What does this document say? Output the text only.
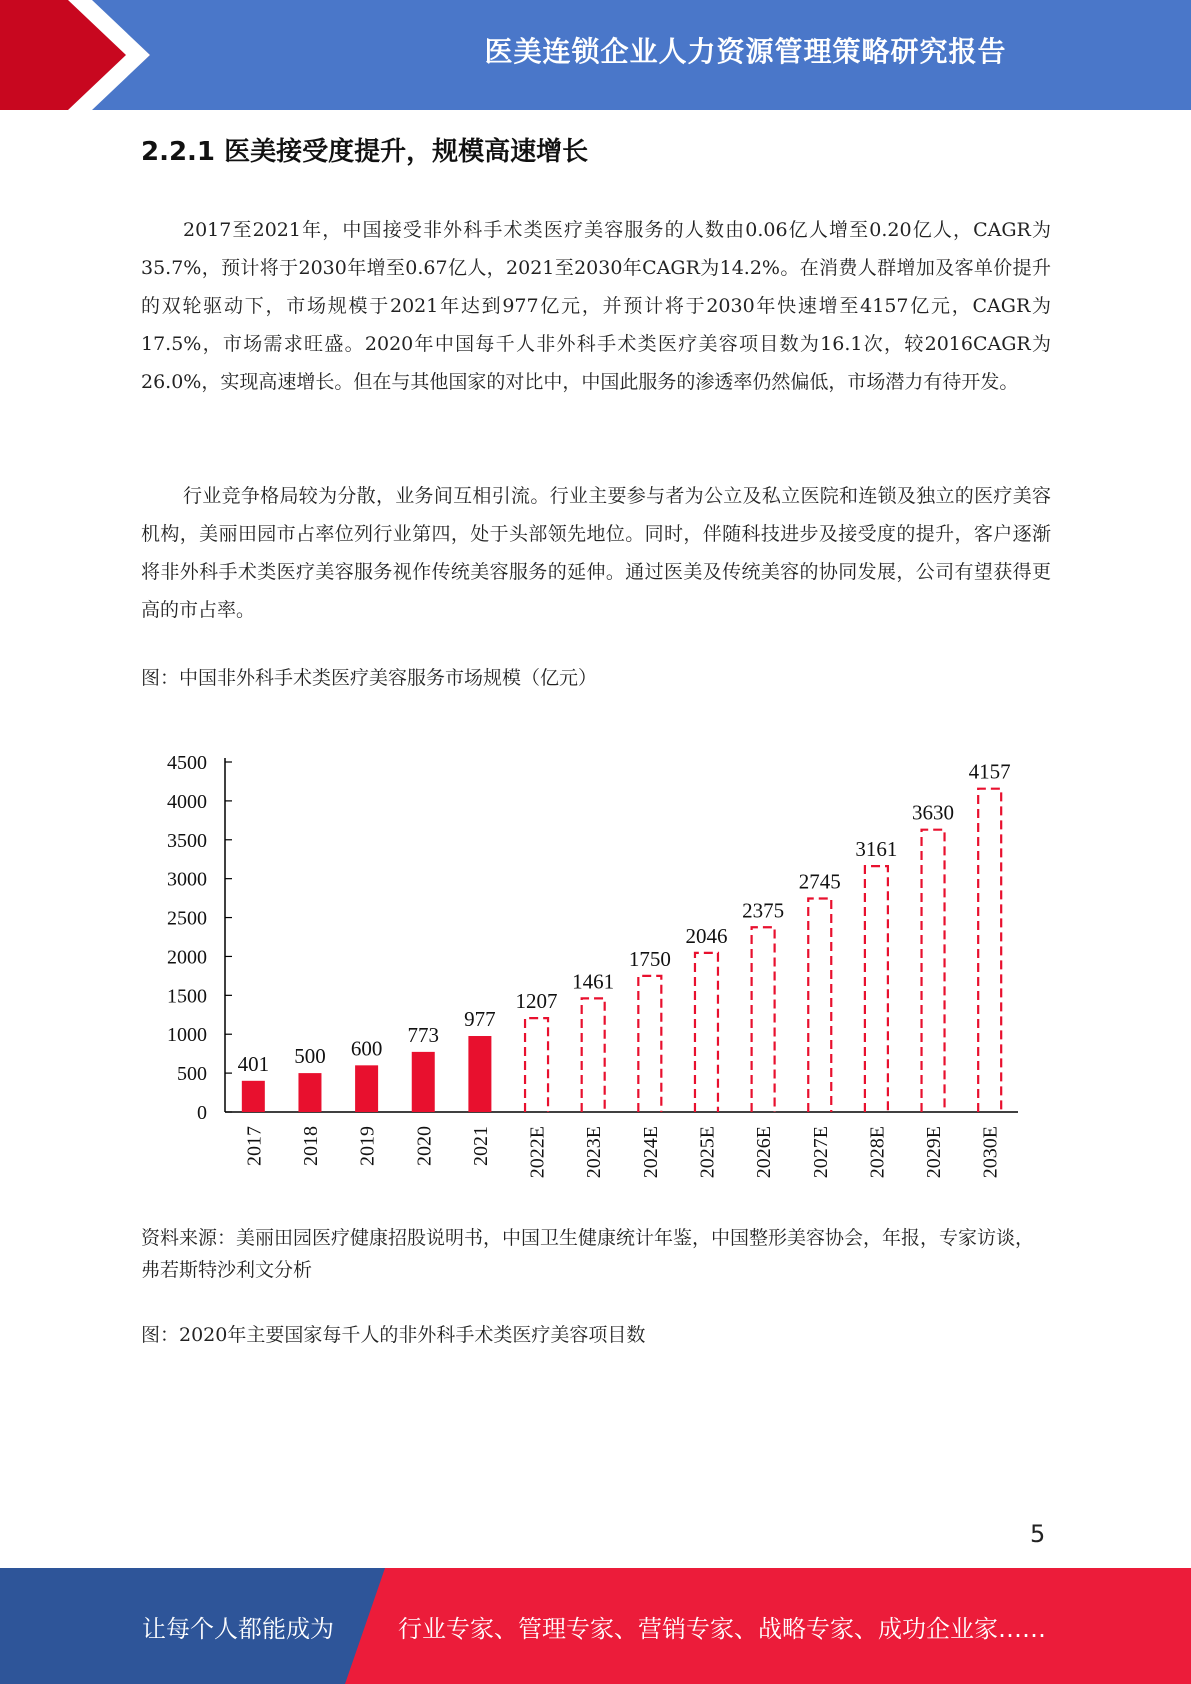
医美连锁企业人力资源管理策略研究报告
2.2.1 医美接受度提升，规模高速增长

2017至2021年，中国接受非外科手术类医疗美容服务的人数由0.06亿人增至0.20亿人，CAGR为35.7%，预计将于2030年增至0.67亿人，2021至2030年CAGR为14.2%。在消费人群增加及客单价提升的双轮驱动下，市场规模于2021年达到977亿元，并预计将于2030年快速增至4157亿元，CAGR为17.5%，市场需求旺盛。2020年中国每千人非外科手术类医疗美容项目数为16.1次，较2016CAGR为26.0%，实现高速增长。但在与其他国家的对比中，中国此服务的渗透率仍然偏低，市场潜力有待开发。

行业竞争格局较为分散，业务间互相引流。行业主要参与者为公立及私立医院和连锁及独立的医疗美容机构，美丽田园市占率位列行业第四，处于头部领先地位。同时，伴随科技进步及接受度的提升，客户逐渐将非外科手术类医疗美容服务视作传统美容服务的延伸。通过医美及传统美容的协同发展，公司有望获得更高的市占率。

图：中国非外科手术类医疗美容服务市场规模（亿元）
0
500
1000
1500
2000
2500
3000
3500
4000
4500
401
2017
500
2018
600
2019
773
2020
977
2021
1207
2022E
1461
2023E
1750
2024E
2046
2025E
2375
2026E
2745
2027E
3161
2028E
3630
2029E
4157
2030E

资料来源：美丽田园医疗健康招股说明书，中国卫生健康统计年鉴，中国整形美容协会，年报，专家访谈，弗若斯特沙利文分析

图：2020年主要国家每千人的非外科手术类医疗美容项目数
5
让每个人都能成为	行业专家、管理专家、营销专家、战略专家、成功企业家……
